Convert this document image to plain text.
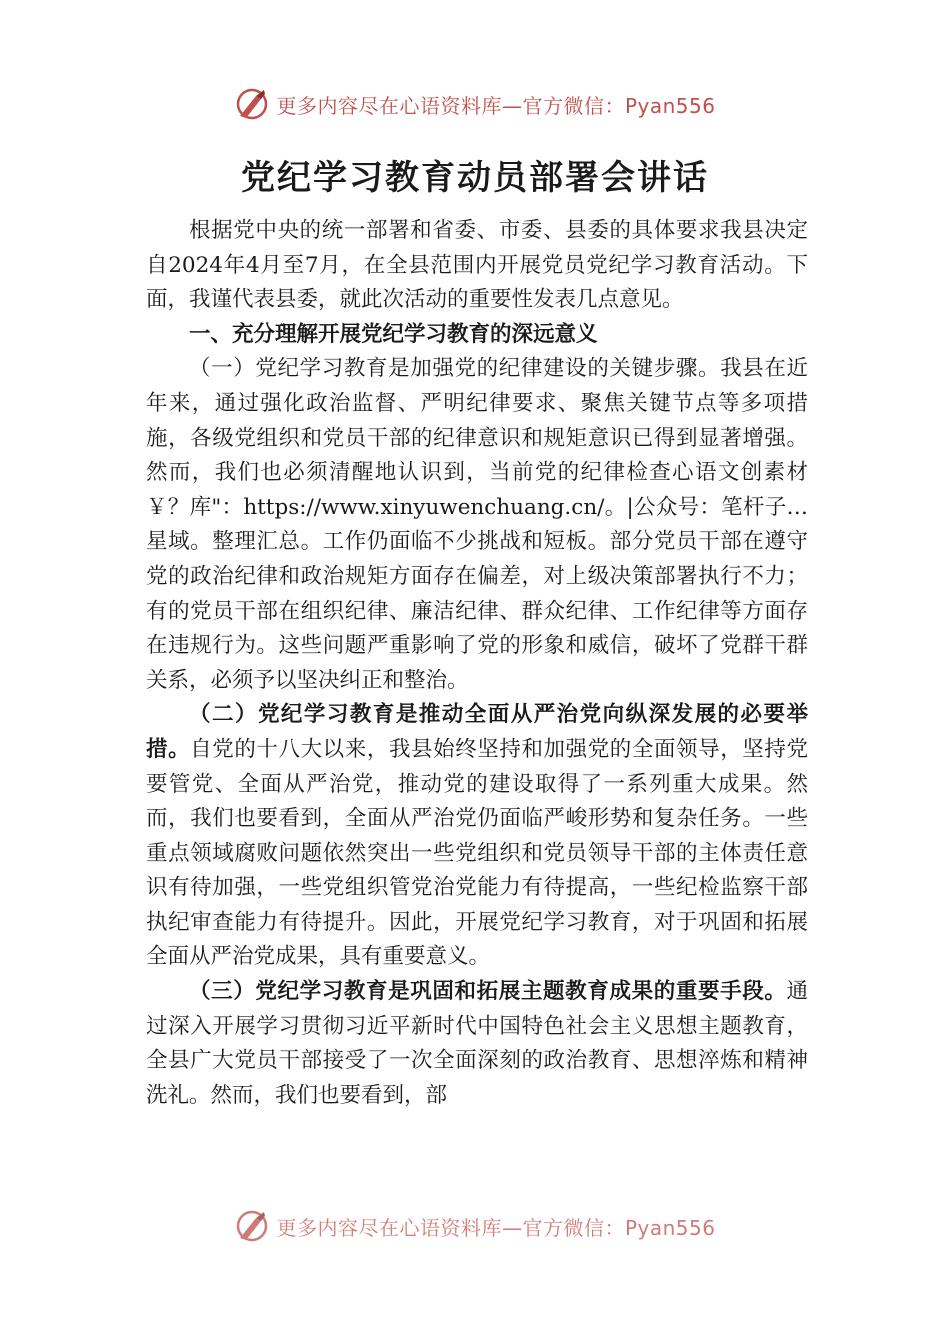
更多内容尽在心语资料库—官方微信：Pyan556
党纪学习教育动员部署会讲话

根据党中央的统一部署和省委、市委、县委的具体要求我县决定自2024年4月至7月，在全县范围内开展党员党纪学习教育活动。下面，我谨代表县委，就此次活动的重要性发表几点意见。

一、充分理解开展党纪学习教育的深远意义

（一）党纪学习教育是加强党的纪律建设的关键步骤。我县在近年来，通过强化政治监督、严明纪律要求、聚焦关键节点等多项措施，各级党组织和党员干部的纪律意识和规矩意识已得到显著增强。然而，我们也必须清醒地认识到，当前党的纪律检查心语文创素材￥？库"：https://www.xinyuwenchuang.cn/。|公众号：笔杆子…星域。整理汇总。工作仍面临不少挑战和短板。部分党员干部在遵守党的政治纪律和政治规矩方面存在偏差，对上级决策部署执行不力；有的党员干部在组织纪律、廉洁纪律、群众纪律、工作纪律等方面存在违规行为。这些问题严重影响了党的形象和威信，破坏了党群干群关系，必须予以坚决纠正和整治。

（二）党纪学习教育是推动全面从严治党向纵深发展的必要举措。自党的十八大以来，我县始终坚持和加强党的全面领导，坚持党要管党、全面从严治党，推动党的建设取得了一系列重大成果。然而，我们也要看到，全面从严治党仍面临严峻形势和复杂任务。一些重点领域腐败问题依然突出一些党组织和党员领导干部的主体责任意识有待加强，一些党组织管党治党能力有待提高，一些纪检监察干部执纪审查能力有待提升。因此，开展党纪学习教育，对于巩固和拓展全面从严治党成果，具有重要意义。

（三）党纪学习教育是巩固和拓展主题教育成果的重要手段。通过深入开展学习贯彻习近平新时代中国特色社会主义思想主题教育，全县广大党员干部接受了一次全面深刻的政治教育、思想淬炼和精神洗礼。然而，我们也要看到，部

更多内容尽在心语资料库—官方微信：Pyan556
